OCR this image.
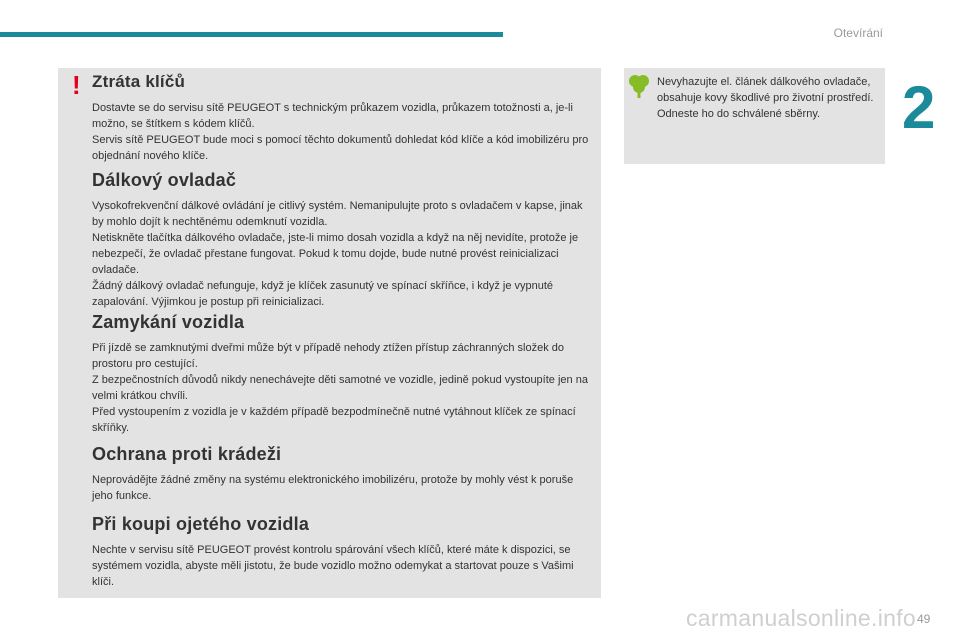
Otevírání
2
! Ztráta klíčů

Dostavte se do servisu sítě PEUGEOT s technickým průkazem vozidla, průkazem totožnosti a, je-li možno, se štítkem s kódem klíčů.

Servis sítě PEUGEOT bude moci s pomocí těchto dokumentů dohledat kód klíče a kód imobilizéru pro objednání nového klíče.

Dálkový ovladač

Vysokofrekvenční dálkové ovládání je citlivý systém. Nemanipulujte proto s ovladačem v kapse, jinak by mohlo dojít k nechtěnému odemknutí vozidla.

Netiskněte tlačítka dálkového ovladače, jste-li mimo dosah vozidla a když na něj nevidíte, protože je nebezpečí, že ovladač přestane fungovat. Pokud k tomu dojde, bude nutné provést reinicializaci ovladače.

Žádný dálkový ovladač nefunguje, když je klíček zasunutý ve spínací skříňce, i když je vypnuté zapalování. Výjimkou je postup při reinicializaci.

Zamykání vozidla

Při jízdě se zamknutými dveřmi může být v případě nehody ztížen přístup záchranných složek do prostoru pro cestující.

Z bezpečnostních důvodů nikdy nenechávejte děti samotné ve vozidle, jedině pokud vystoupíte jen na velmi krátkou chvíli.

Před vystoupením z vozidla je v každém případě bezpodmínečně nutné vytáhnout klíček ze spínací skříňky.

Ochrana proti krádeži

Neprovádějte žádné změny na systému elektronického imobilizéru, protože by mohly vést k poruše jeho funkce.

Při koupi ojetého vozidla

Nechte v servisu sítě PEUGEOT provést kontrolu spárování všech klíčů, které máte k dispozici, se systémem vozidla, abyste měli jistotu, že bude vozidlo možno odemykat a startovat pouze s Vašimi klíči.

Nevyhazujte el. článek dálkového ovladače, obsahuje kovy škodlivé pro životní prostředí.
Odneste ho do schválené sběrny.
49
carmanualsonline.info
